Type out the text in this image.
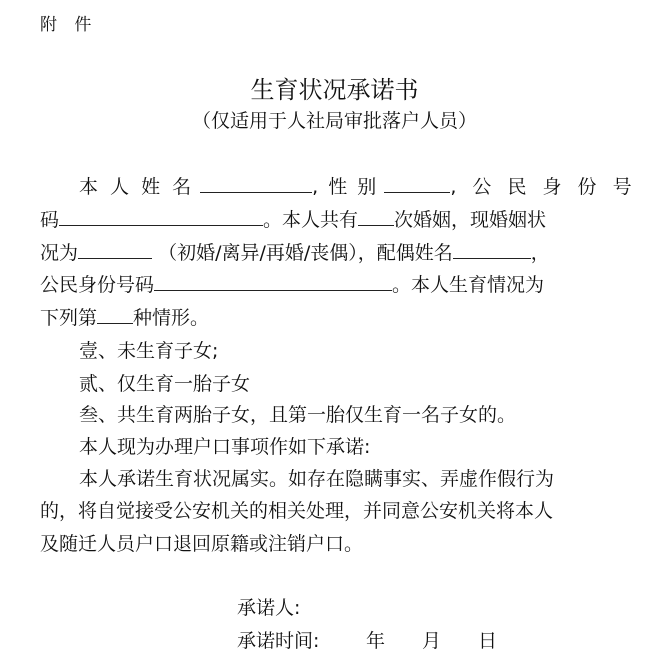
附 件
生育状况承诺书
（仅适用于人社局审批落户人员）
本 人 姓 名	, 性 别	, 公 民 身 份 号
码	。本人共有 次婚姻，现婚姻状
况为	（初婚/离异/再婚/丧偶），配偶姓名	，
公民身份号码	。本人生育情况为
下列第 种情形。
壹、未生育子女;
贰、仅生育一胎子女
叁、共生育两胎子女，且第一胎仅生育一名子女的。
本人现为办理户口事项作如下承诺:
本人承诺生育状况属实。如存在隐瞒事实、弄虚作假行为
的，将自觉接受公安机关的相关处理，并同意公安机关将本人
及随迁人员户口退回原籍或注销户口。
承诺人:
承诺时间: 年 月 日
